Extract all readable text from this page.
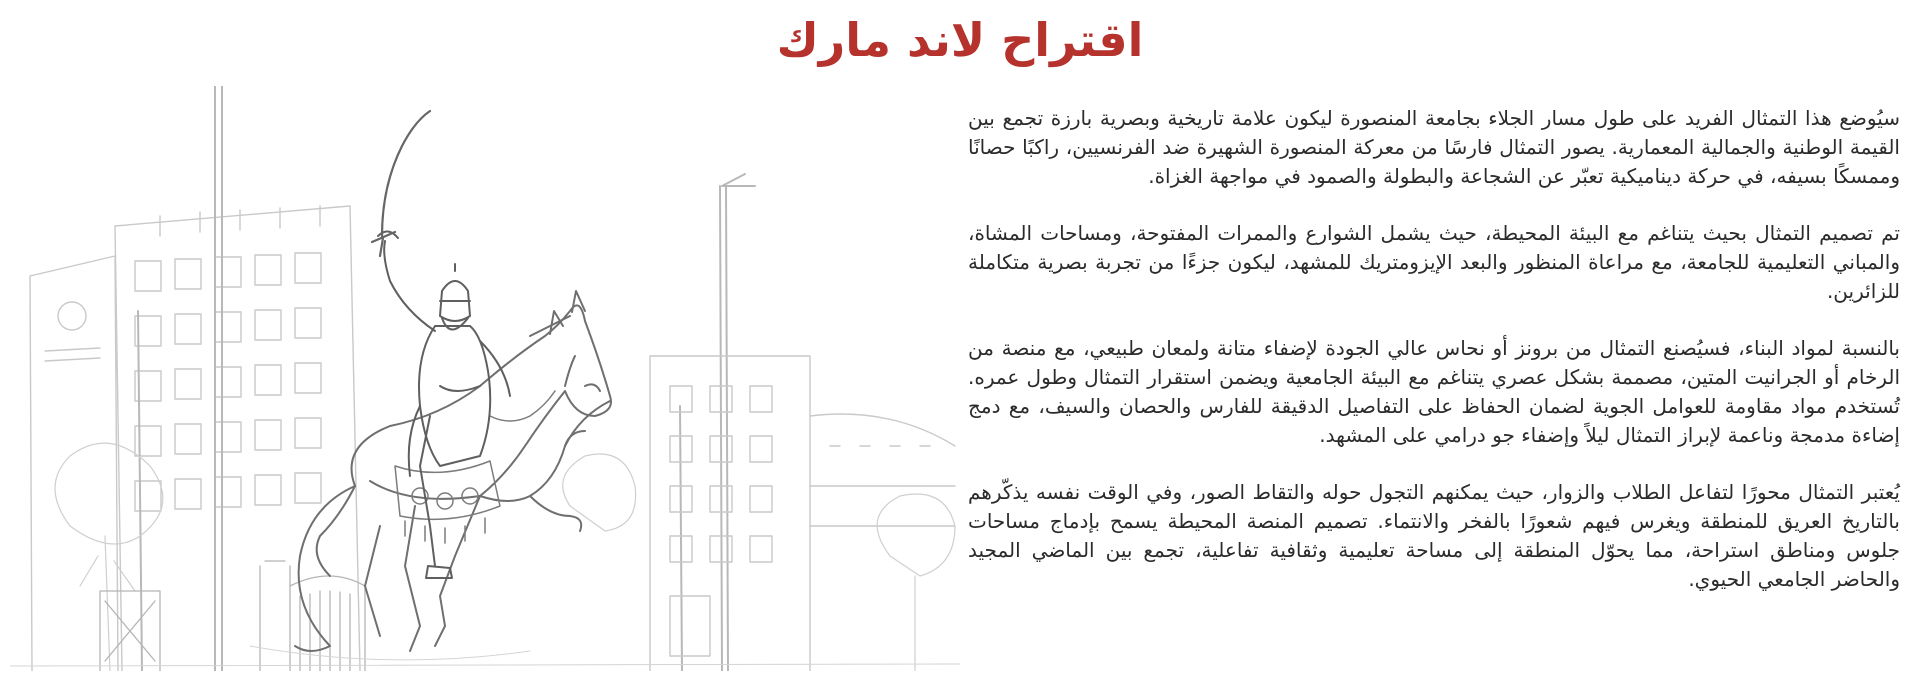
اقتراح لاند مارك

سيُوضع هذا التمثال الفريد على طول مسار الجلاء بجامعة المنصورة ليكون علامة تاريخية وبصرية بارزة تجمع بين القيمة الوطنية والجمالية المعمارية. يصور التمثال فارسًا من معركة المنصورة الشهيرة ضد الفرنسيين، راكبًا حصانًا وممسكًا بسيفه، في حركة ديناميكية تعبّر عن الشجاعة والبطولة والصمود في مواجهة الغزاة.

تم تصميم التمثال بحيث يتناغم مع البيئة المحيطة، حيث يشمل الشوارع والممرات المفتوحة، ومساحات المشاة، والمباني التعليمية للجامعة، مع مراعاة المنظور والبعد الإيزومتريك للمشهد، ليكون جزءًا من تجربة بصرية متكاملة للزائرين.

بالنسبة لمواد البناء، فسيُصنع التمثال من برونز أو نحاس عالي الجودة لإضفاء متانة ولمعان طبيعي، مع منصة من الرخام أو الجرانيت المتين، مصممة بشكل عصري يتناغم مع البيئة الجامعية ويضمن استقرار التمثال وطول عمره. تُستخدم مواد مقاومة للعوامل الجوية لضمان الحفاظ على التفاصيل الدقيقة للفارس والحصان والسيف، مع دمج إضاءة مدمجة وناعمة لإبراز التمثال ليلاً وإضفاء جو درامي على المشهد.

يُعتبر التمثال محورًا لتفاعل الطلاب والزوار، حيث يمكنهم التجول حوله والتقاط الصور، وفي الوقت نفسه يذكّرهم بالتاريخ العريق للمنطقة ويغرس فيهم شعورًا بالفخر والانتماء. تصميم المنصة المحيطة يسمح بإدماج مساحات جلوس ومناطق استراحة، مما يحوّل المنطقة إلى مساحة تعليمية وثقافية تفاعلية، تجمع بين الماضي المجيد والحاضر الجامعي الحيوي.
